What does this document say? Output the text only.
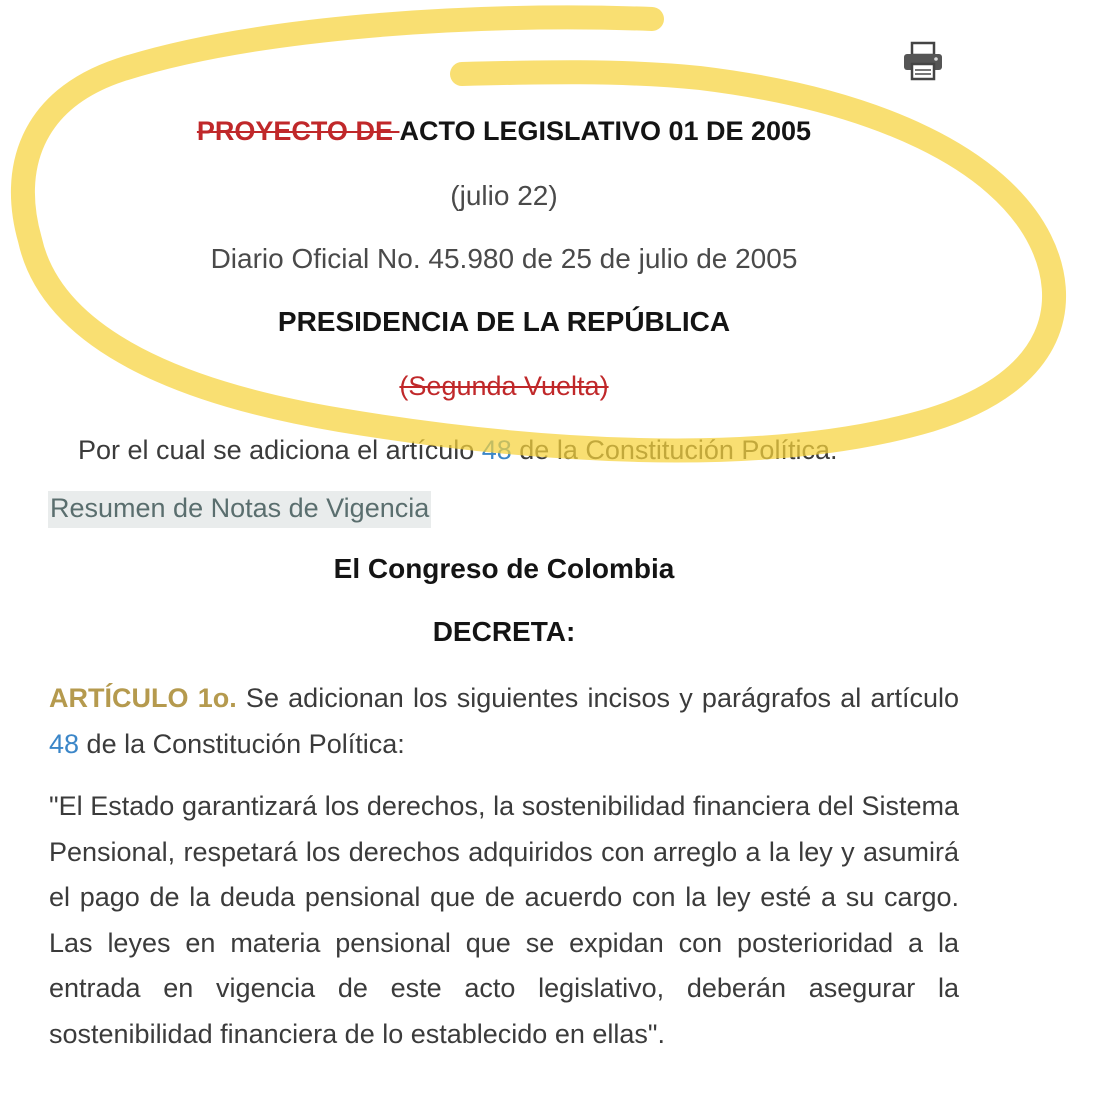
PROYECTO DE ACTO LEGISLATIVO 01 DE 2005
(julio 22)
Diario Oficial No. 45.980 de 25 de julio de 2005
PRESIDENCIA DE LA REPÚBLICA
(Segunda Vuelta)
Por el cual se adiciona el artículo 48 de la Constitución Política.
Resumen de Notas de Vigencia
El Congreso de Colombia
DECRETA:

ARTÍCULO 1o. Se adicionan los siguientes incisos y parágrafos al artículo 48 de la Constitución Política:

"El Estado garantizará los derechos, la sostenibilidad financiera del Sistema Pensional, respetará los derechos adquiridos con arreglo a la ley y asumirá el pago de la deuda pensional que de acuerdo con la ley esté a su cargo. Las leyes en materia pensional que se expidan con posterioridad a la entrada en vigencia de este acto legislativo, deberán asegurar la sostenibilidad financiera de lo establecido en ellas".
